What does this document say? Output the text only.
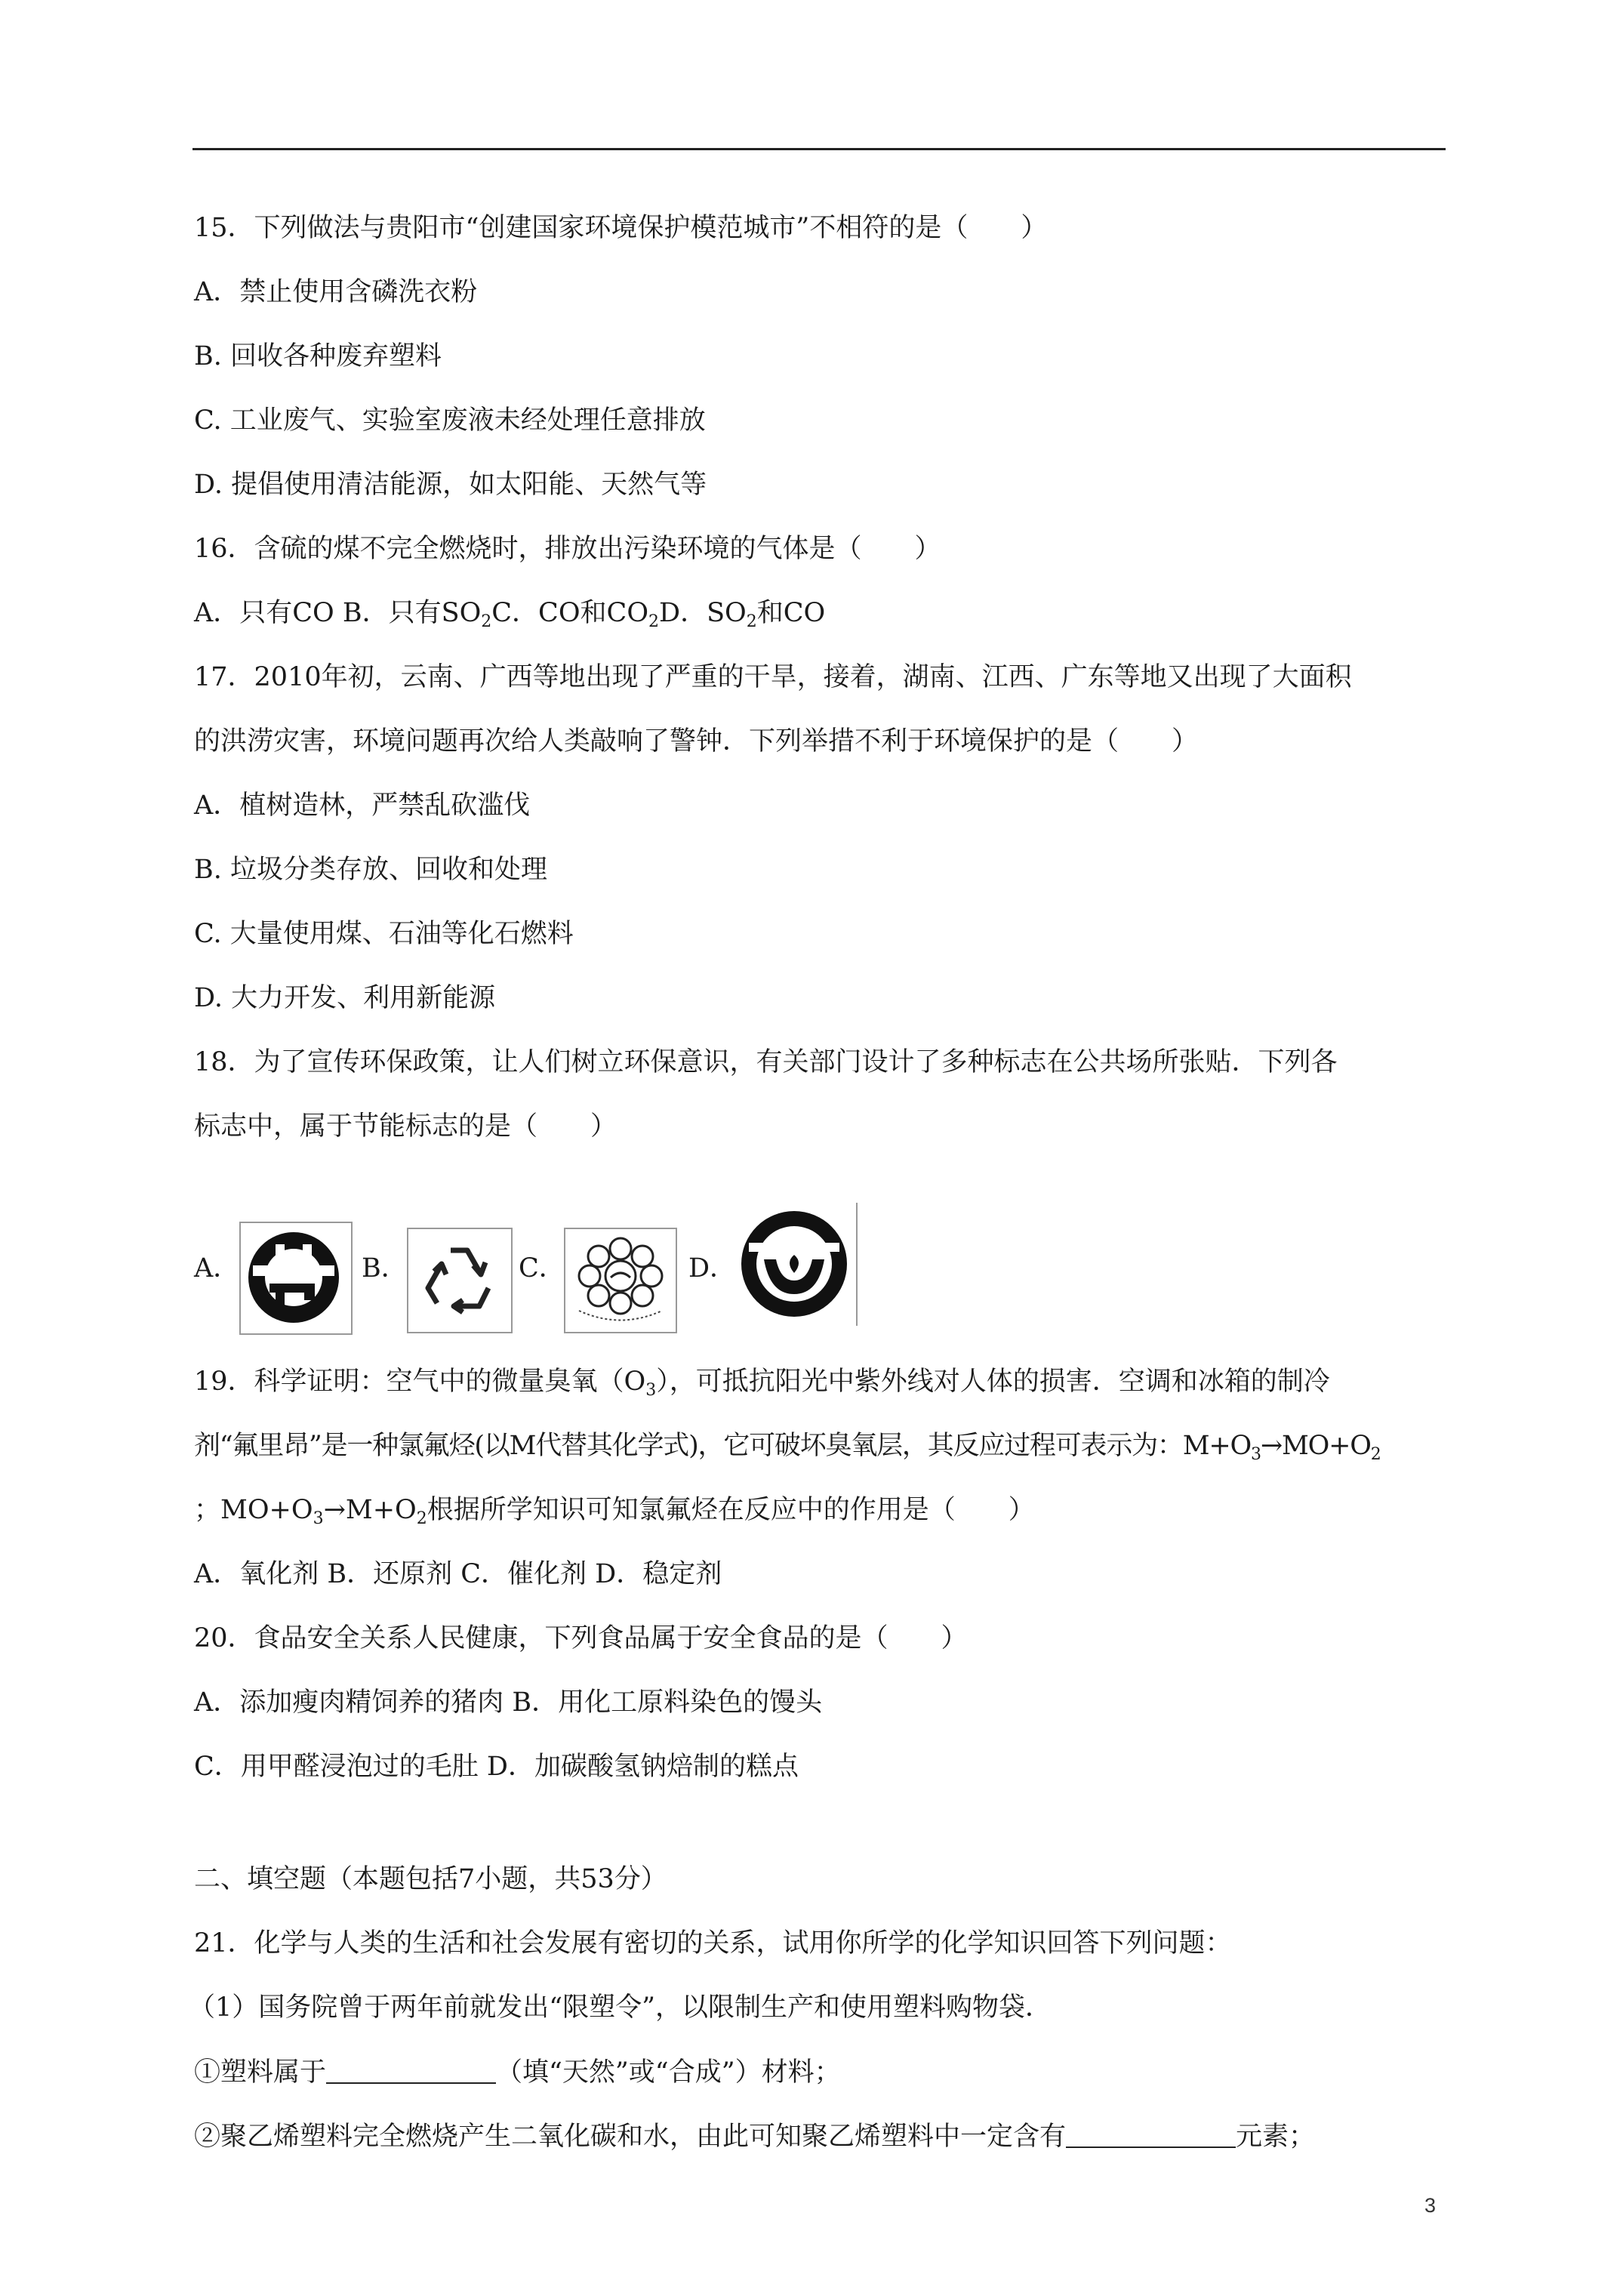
15．下列做法与贵阳市“创建国家环境保护模范城市”不相符的是（　　）
A．禁止使用含磷洗衣粉
B. 回收各种废弃塑料
C. 工业废气、实验室废液未经处理任意排放
D. 提倡使用清洁能源，如太阳能、天然气等
16．含硫的煤不完全燃烧时，排放出污染环境的气体是（　　）
A．只有CO B．只有$SO_2C$．CO和$CO_2D$．$SO_2$和CO
17．2010年初，云南、广西等地出现了严重的干旱，接着，湖南、江西、广东等地又出现了大面积
的洪涝灾害，环境问题再次给人类敲响了警钟．下列举措不利于环境保护的是（　　）
A．植树造林，严禁乱砍滥伐
B. 垃圾分类存放、回收和处理
C. 大量使用煤、石油等化石燃料
D. 大力开发、利用新能源
18．为了宣传环保政策，让人们树立环保意识，有关部门设计了多种标志在公共场所张贴．下列各
标志中，属于节能标志的是（　　）
A．	B．	C．	D．
19．科学证明：空气中的微量臭氧$(O_3)$，可抵抗阳光中紫外线对人体的损害．空调和冰箱的制冷
剂“氟里昂”是一种氯氟烃(以M代替其化学式)，它可破坏臭氧层，其反应过程可表示为：$M+O_3\to MO+O_2$
；$MO+O_3\to M+O_2$根据所学知识可知氯氟烃在反应中的作用是（　　）
A．氧化剂 B．还原剂 C．催化剂 D．稳定剂
20．食品安全关系人民健康，下列食品属于安全食品的是（　　）
A．添加瘦肉精饲养的猪肉 B．用化工原料染色的馒头
C．用甲醛浸泡过的毛肚 D．加碳酸氢钠焙制的糕点
二、填空题（本题包括7小题，共53分）
21．化学与人类的生活和社会发展有密切的关系，试用你所学的化学知识回答下列问题：
（1）国务院曾于两年前就发出“限塑令”，以限制生产和使用塑料购物袋．
①塑料属于	（填“天然”或“合成”）材料；
②聚乙烯塑料完全燃烧产生二氧化碳和水，由此可知聚乙烯塑料中一定含有	元素；
3
